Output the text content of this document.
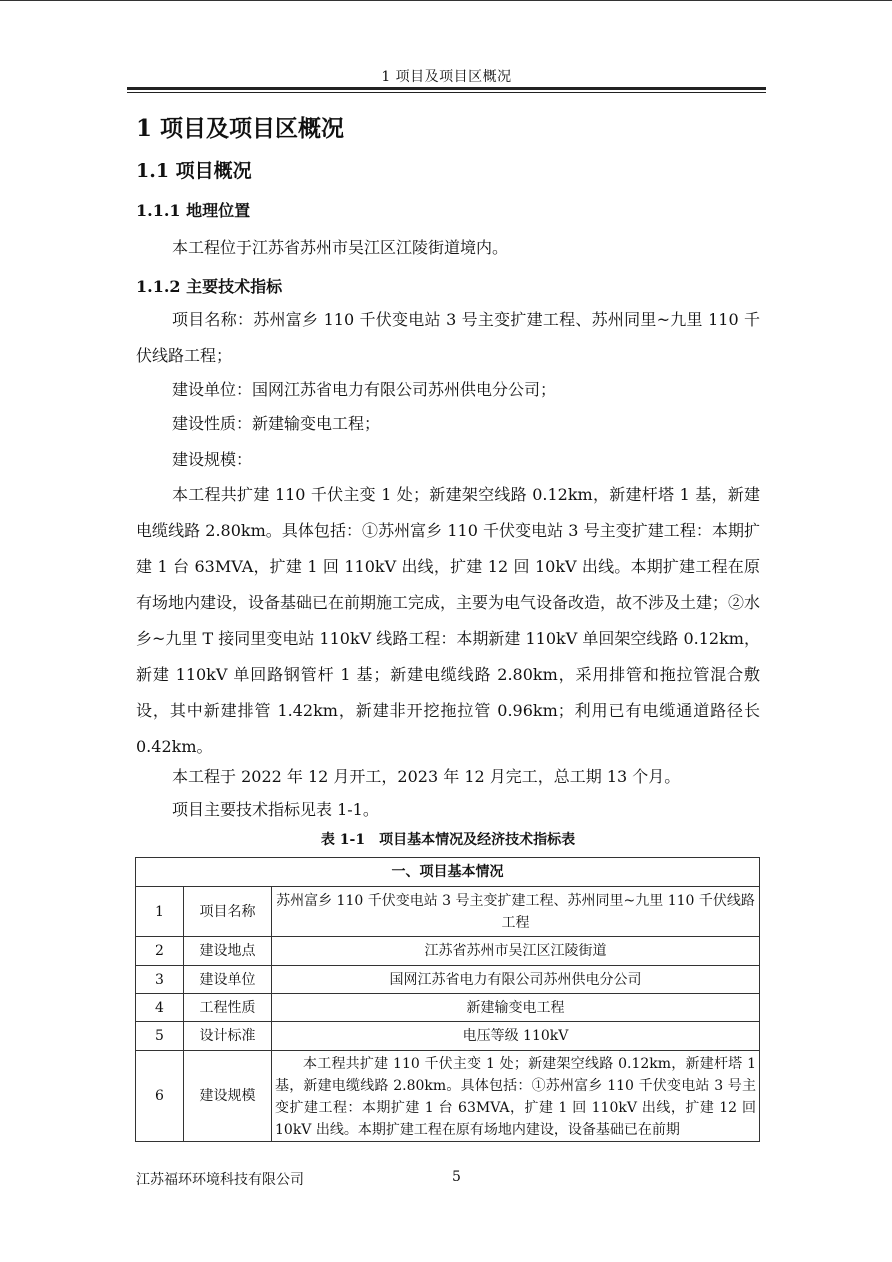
1 项目及项目区概况
1 项目及项目区概况
1.1 项目概况
1.1.1 地理位置
本工程位于江苏省苏州市吴江区江陵街道境内。
1.1.2 主要技术指标
项目名称：苏州富乡 110 千伏变电站 3 号主变扩建工程、苏州同里~九里 110 千伏线路工程；
建设单位：国网江苏省电力有限公司苏州供电分公司；
建设性质：新建输变电工程；
建设规模：
本工程共扩建 110 千伏主变 1 处；新建架空线路 0.12km，新建杆塔 1 基，新建电缆线路 2.80km。具体包括：①苏州富乡 110 千伏变电站 3 号主变扩建工程：本期扩建 1 台 63MVA，扩建 1 回 110kV 出线，扩建 12 回 10kV 出线。本期扩建工程在原有场地内建设，设备基础已在前期施工完成，主要为电气设备改造，故不涉及土建；②水乡~九里 T 接同里变电站 110kV 线路工程：本期新建 110kV 单回架空线路 0.12km，新建 110kV 单回路钢管杆 1 基；新建电缆线路 2.80km，采用排管和拖拉管混合敷设，其中新建排管 1.42km，新建非开挖拖拉管 0.96km；利用已有电缆通道路径长 0.42km。
本工程于 2022 年 12 月开工，2023 年 12 月完工，总工期 13 个月。
项目主要技术指标见表 1-1。
表 1-1　项目基本情况及经济技术指标表
一、项目基本情况		
1	项目名称	苏州富乡 110 千伏变电站 3 号主变扩建工程、苏州同里~九里 110 千伏线路工程
2	建设地点	江苏省苏州市吴江区江陵街道
3	建设单位	国网江苏省电力有限公司苏州供电分公司
4	工程性质	新建输变电工程
5	设计标准	电压等级 110kV
6	建设规模	本工程共扩建 110 千伏主变 1 处；新建架空线路 0.12km，新建杆塔 1 基，新建电缆线路 2.80km。具体包括：①苏州富乡 110 千伏变电站 3 号主变扩建工程：本期扩建 1 台 63MVA，扩建 1 回 110kV 出线，扩建 12 回 10kV 出线。本期扩建工程在原有场地内建设，设备基础已在前期
江苏福环环境科技有限公司	5
